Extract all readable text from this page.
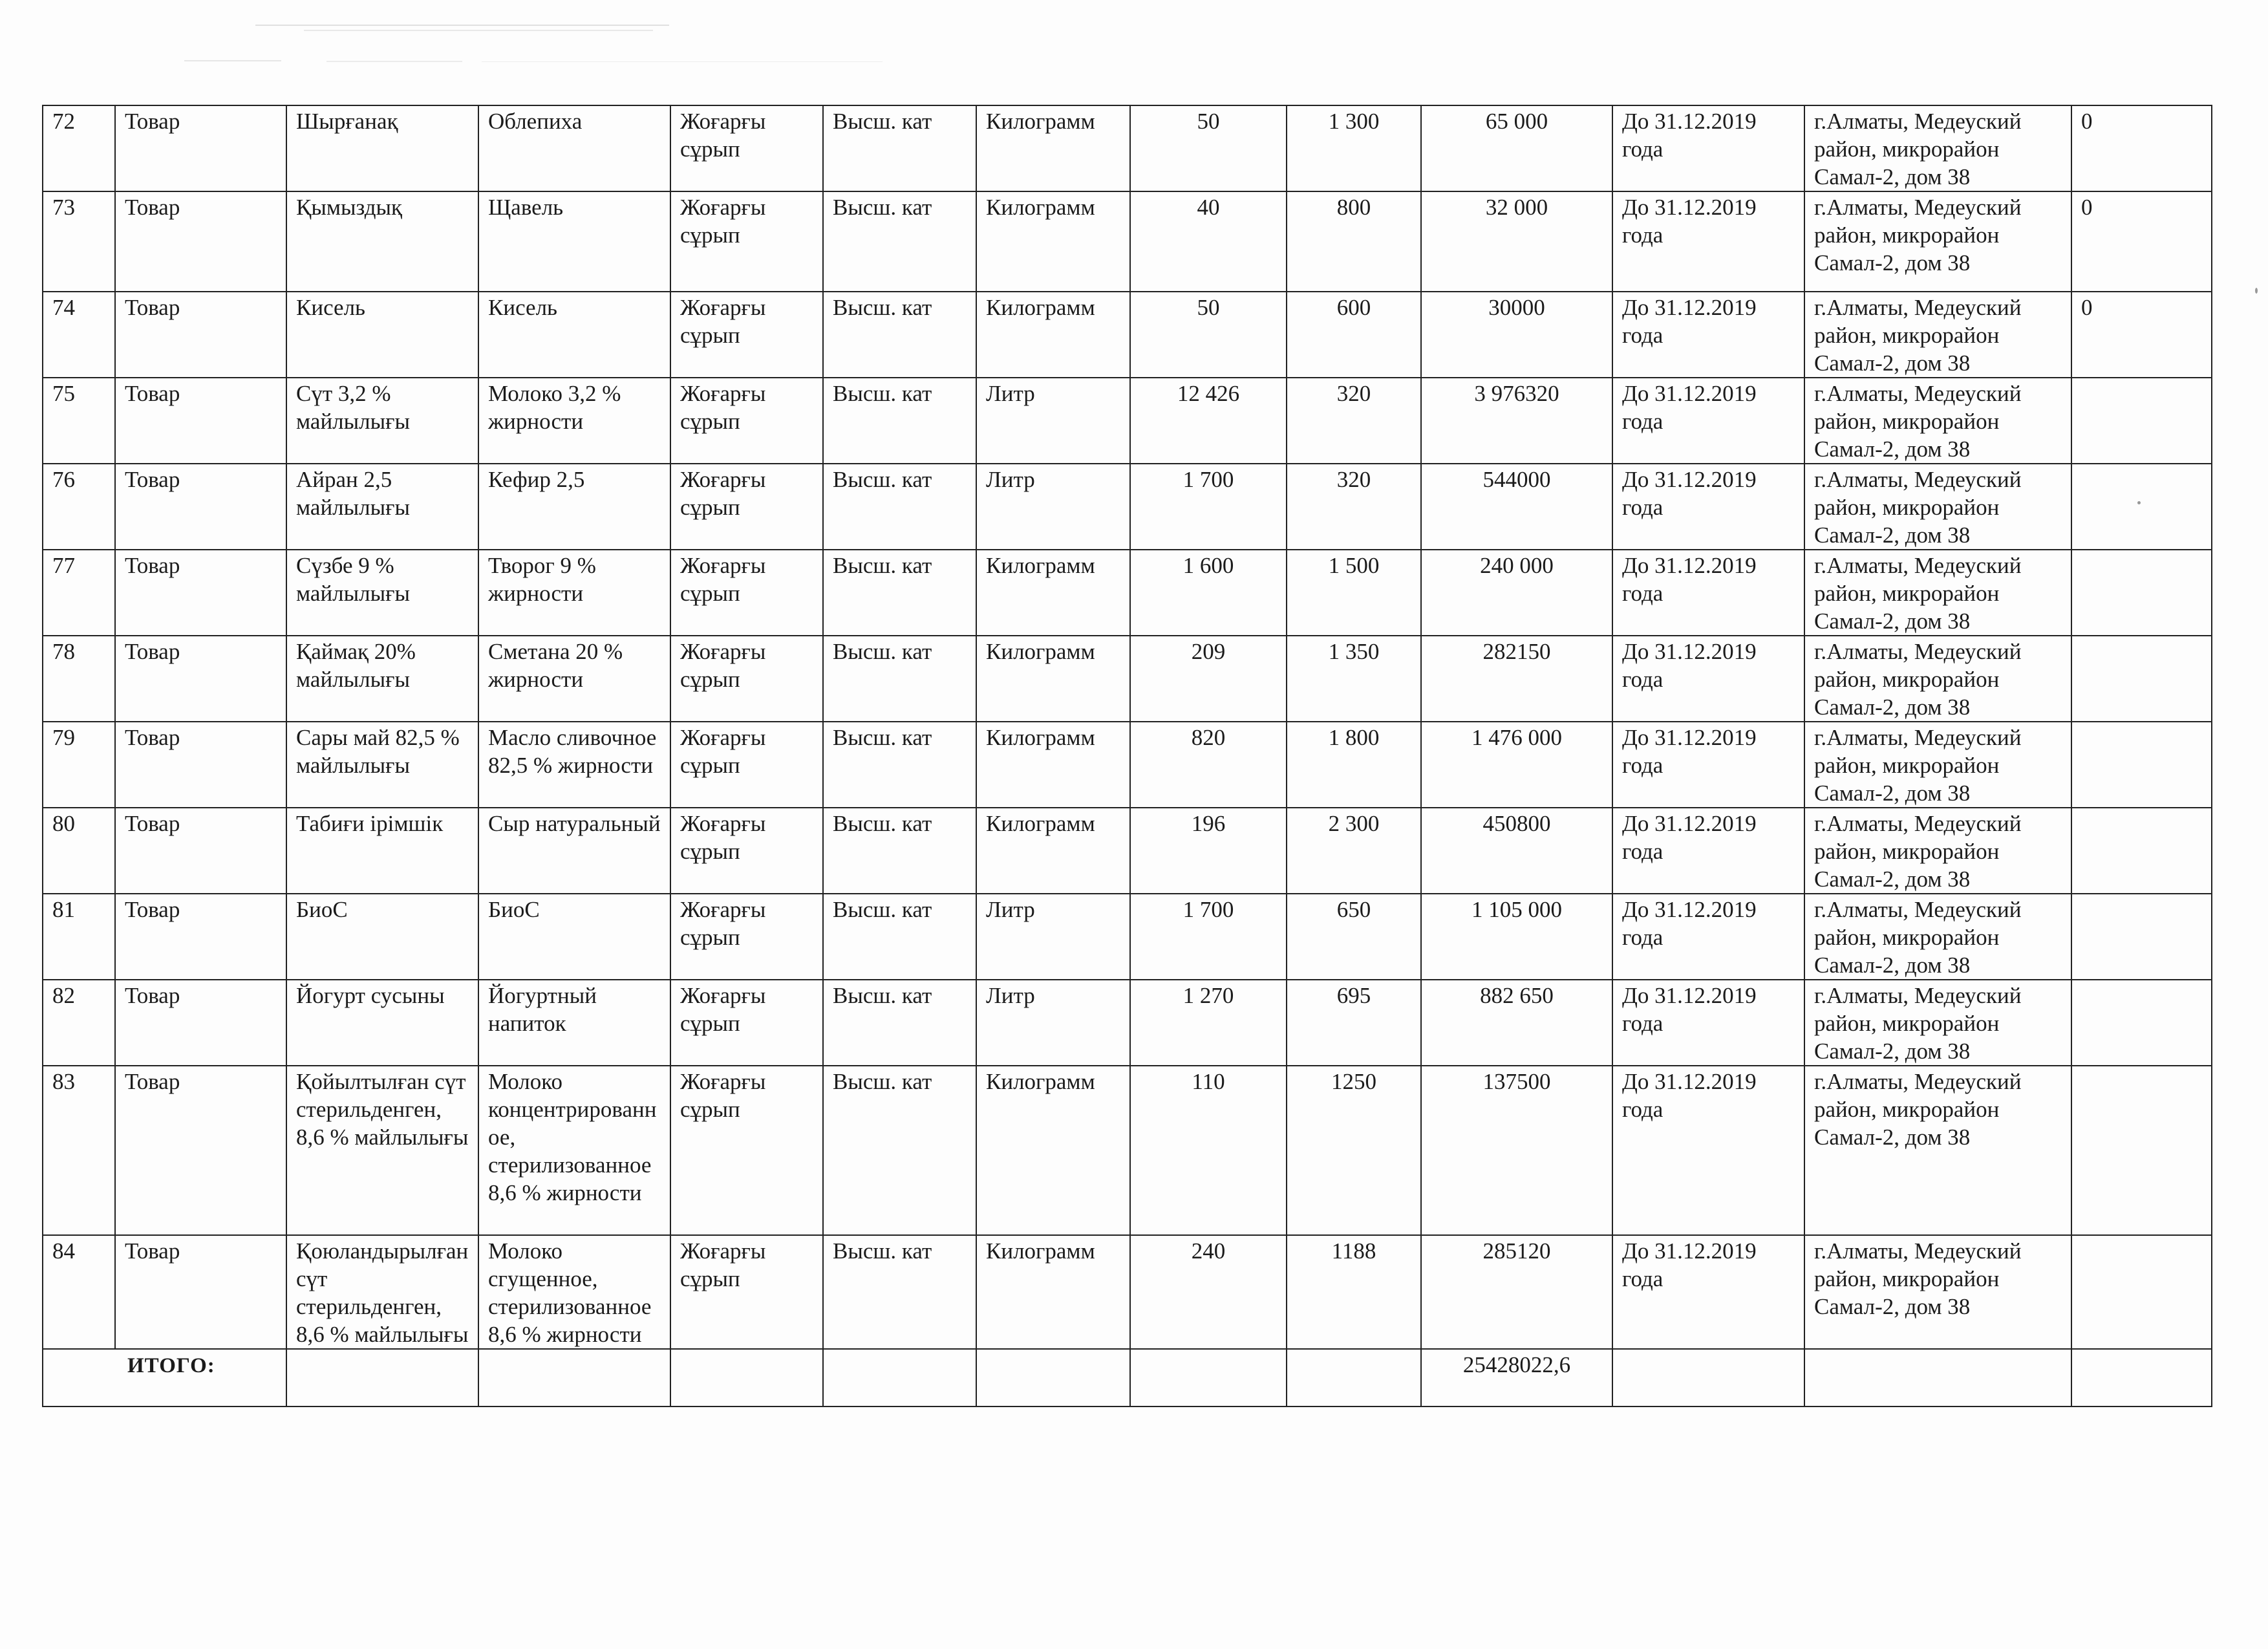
72	Товар	Шырғанақ	Облепиха	Жоғарғы сұрып	Высш. кат	Килограмм	50	1 300	65 000	До 31.12.2019 года	г.Алматы, Медеуский район, микрорайон Самал-2, дом 38	0
73	Товар	Қымыздық	Щавель	Жоғарғы сұрып	Высш. кат	Килограмм	40	800	32 000	До 31.12.2019 года	г.Алматы, Медеуский район, микрорайон Самал-2, дом 38	0
74	Товар	Кисель	Кисель	Жоғарғы сұрып	Высш. кат	Килограмм	50	600	30000	До 31.12.2019 года	г.Алматы, Медеуский район, микрорайон Самал-2, дом 38	0
75	Товар	Сүт 3,2 % майлылығы	Молоко 3,2 % жирности	Жоғарғы сұрып	Высш. кат	Литр	12 426	320	3 976320	До 31.12.2019 года	г.Алматы, Медеуский район, микрорайон Самал-2, дом 38	
76	Товар	Айран 2,5 майлылығы	Кефир 2,5	Жоғарғы сұрып	Высш. кат	Литр	1 700	320	544000	До 31.12.2019 года	г.Алматы, Медеуский район, микрорайон Самал-2, дом 38	
77	Товар	Сүзбе 9 % майлылығы	Творог 9 % жирности	Жоғарғы сұрып	Высш. кат	Килограмм	1 600	1 500	240 000	До 31.12.2019 года	г.Алматы, Медеуский район, микрорайон Самал-2, дом 38	
78	Товар	Қаймақ 20% майлылығы	Сметана 20 % жирности	Жоғарғы сұрып	Высш. кат	Килограмм	209	1 350	282150	До 31.12.2019 года	г.Алматы, Медеуский район, микрорайон Самал-2, дом 38	
79	Товар	Сары май 82,5 % майлылығы	Масло сливочное 82,5 % жирности	Жоғарғы сұрып	Высш. кат	Килограмм	820	1 800	1 476 000	До 31.12.2019 года	г.Алматы, Медеуский район, микрорайон Самал-2, дом 38	
80	Товар	Табиғи ірімшік	Сыр натуральный	Жоғарғы сұрып	Высш. кат	Килограмм	196	2 300	450800	До 31.12.2019 года	г.Алматы, Медеуский район, микрорайон Самал-2, дом 38	
81	Товар	БиоС	БиоС	Жоғарғы сұрып	Высш. кат	Литр	1 700	650	1 105 000	До 31.12.2019 года	г.Алматы, Медеуский район, микрорайон Самал-2, дом 38	
82	Товар	Йогурт сусыны	Йогуртный напиток	Жоғарғы сұрып	Высш. кат	Литр	1 270	695	882 650	До 31.12.2019 года	г.Алматы, Медеуский район, микрорайон Самал-2, дом 38	
83	Товар	Қойылтылған сүт стерильденген, 8,6 % майлылығы	Молоко концентрированное, стерилизованное 8,6 % жирности	Жоғарғы сұрып	Высш. кат	Килограмм	110	1250	137500	До 31.12.2019 года	г.Алматы, Медеуский район, микрорайон Самал-2, дом 38	
84	Товар	Қоюландырылған сүт стерильденген, 8,6 % майлылығы	Молоко сгущенное, стерилизованное 8,6 % жирности	Жоғарғы сұрып	Высш. кат	Килограмм	240	1188	285120	До 31.12.2019 года	г.Алматы, Медеуский район, микрорайон Самал-2, дом 38	
ИТОГО:									25428022,6			
